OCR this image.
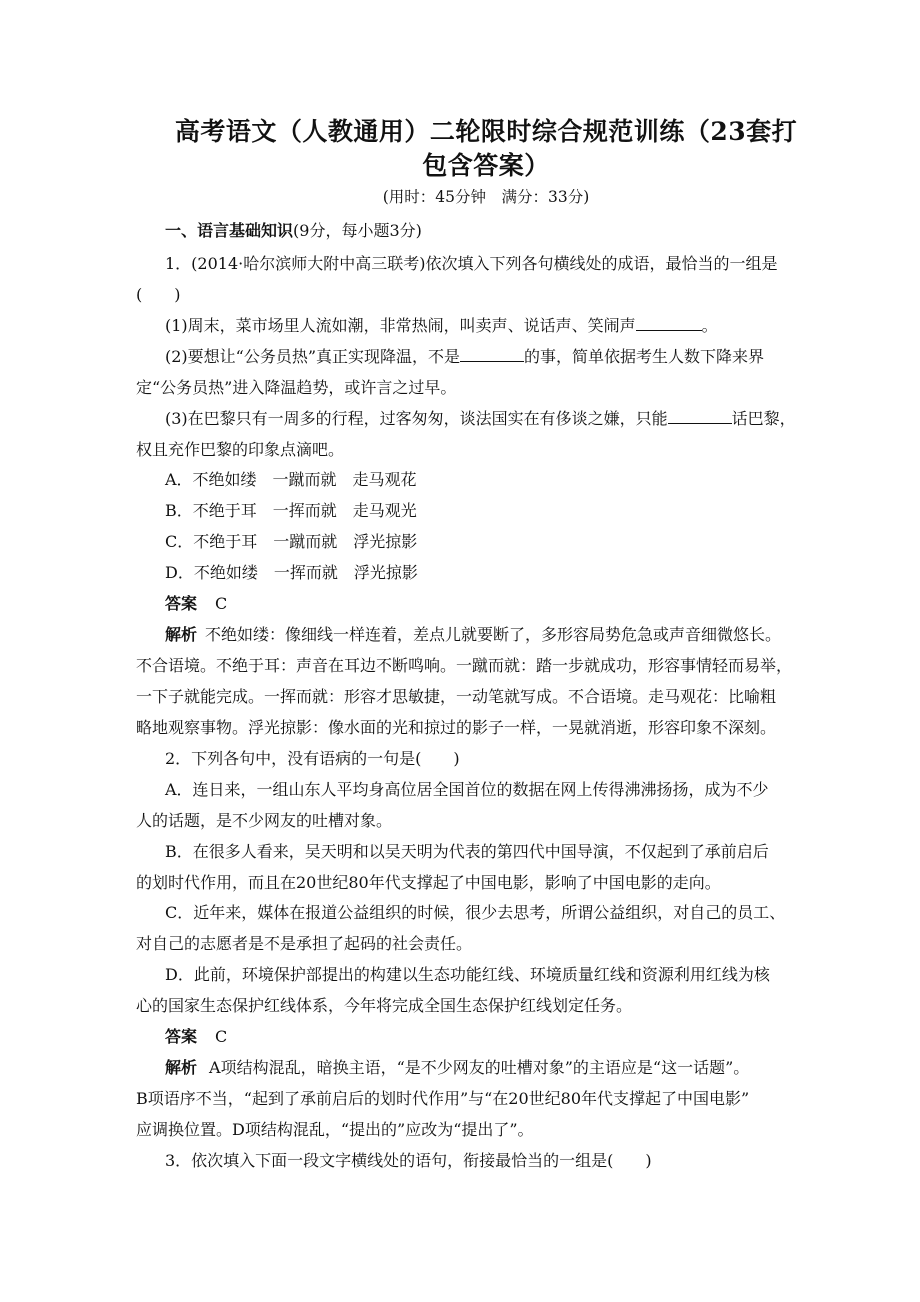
高考语文（人教通用）二轮限时综合规范训练（23套打
包含答案）
(用时：45分钟　满分：33分)
一、语言基础知识(9分，每小题3分)
1．(2014·哈尔滨师大附中高三联考)依次填入下列各句横线处的成语，最恰当的一组是
(　　)
(1)周末，菜市场里人流如潮，非常热闹，叫卖声、说话声、笑闹声	。
(2)要想让“公务员热”真正实现降温，不是	的事，简单依据考生人数下降来界
定“公务员热”进入降温趋势，或许言之过早。
(3)在巴黎只有一周多的行程，过客匆匆，谈法国实在有侈谈之嫌，只能	话巴黎，
权且充作巴黎的印象点滴吧。
A．不绝如缕　一蹴而就　走马观花
B．不绝于耳　一挥而就　走马观光
C．不绝于耳　一蹴而就　浮光掠影
D．不绝如缕　一挥而就　浮光掠影
答案 C
解析 不绝如缕：像细线一样连着，差点儿就要断了，多形容局势危急或声音细微悠长。
不合语境。不绝于耳：声音在耳边不断鸣响。一蹴而就：踏一步就成功，形容事情轻而易举，
一下子就能完成。一挥而就：形容才思敏捷，一动笔就写成。不合语境。走马观花：比喻粗
略地观察事物。浮光掠影：像水面的光和掠过的影子一样，一晃就消逝，形容印象不深刻。
2．下列各句中，没有语病的一句是(　　)
A．连日来，一组山东人平均身高位居全国首位的数据在网上传得沸沸扬扬，成为不少
人的话题，是不少网友的吐槽对象。
B．在很多人看来，吴天明和以吴天明为代表的第四代中国导演，不仅起到了承前启后
的划时代作用，而且在20世纪80年代支撑起了中国电影，影响了中国电影的走向。
C．近年来，媒体在报道公益组织的时候，很少去思考，所谓公益组织，对自己的员工、
对自己的志愿者是不是承担了起码的社会责任。
D．此前，环境保护部提出的构建以生态功能红线、环境质量红线和资源利用红线为核
心的国家生态保护红线体系，今年将完成全国生态保护红线划定任务。
答案 C
解析 A项结构混乱，暗换主语，“是不少网友的吐槽对象”的主语应是“这一话题”。
B项语序不当，“起到了承前启后的划时代作用”与“在20世纪80年代支撑起了中国电影”
应调换位置。D项结构混乱，“提出的”应改为“提出了”。
3．依次填入下面一段文字横线处的语句，衔接最恰当的一组是(　　)
